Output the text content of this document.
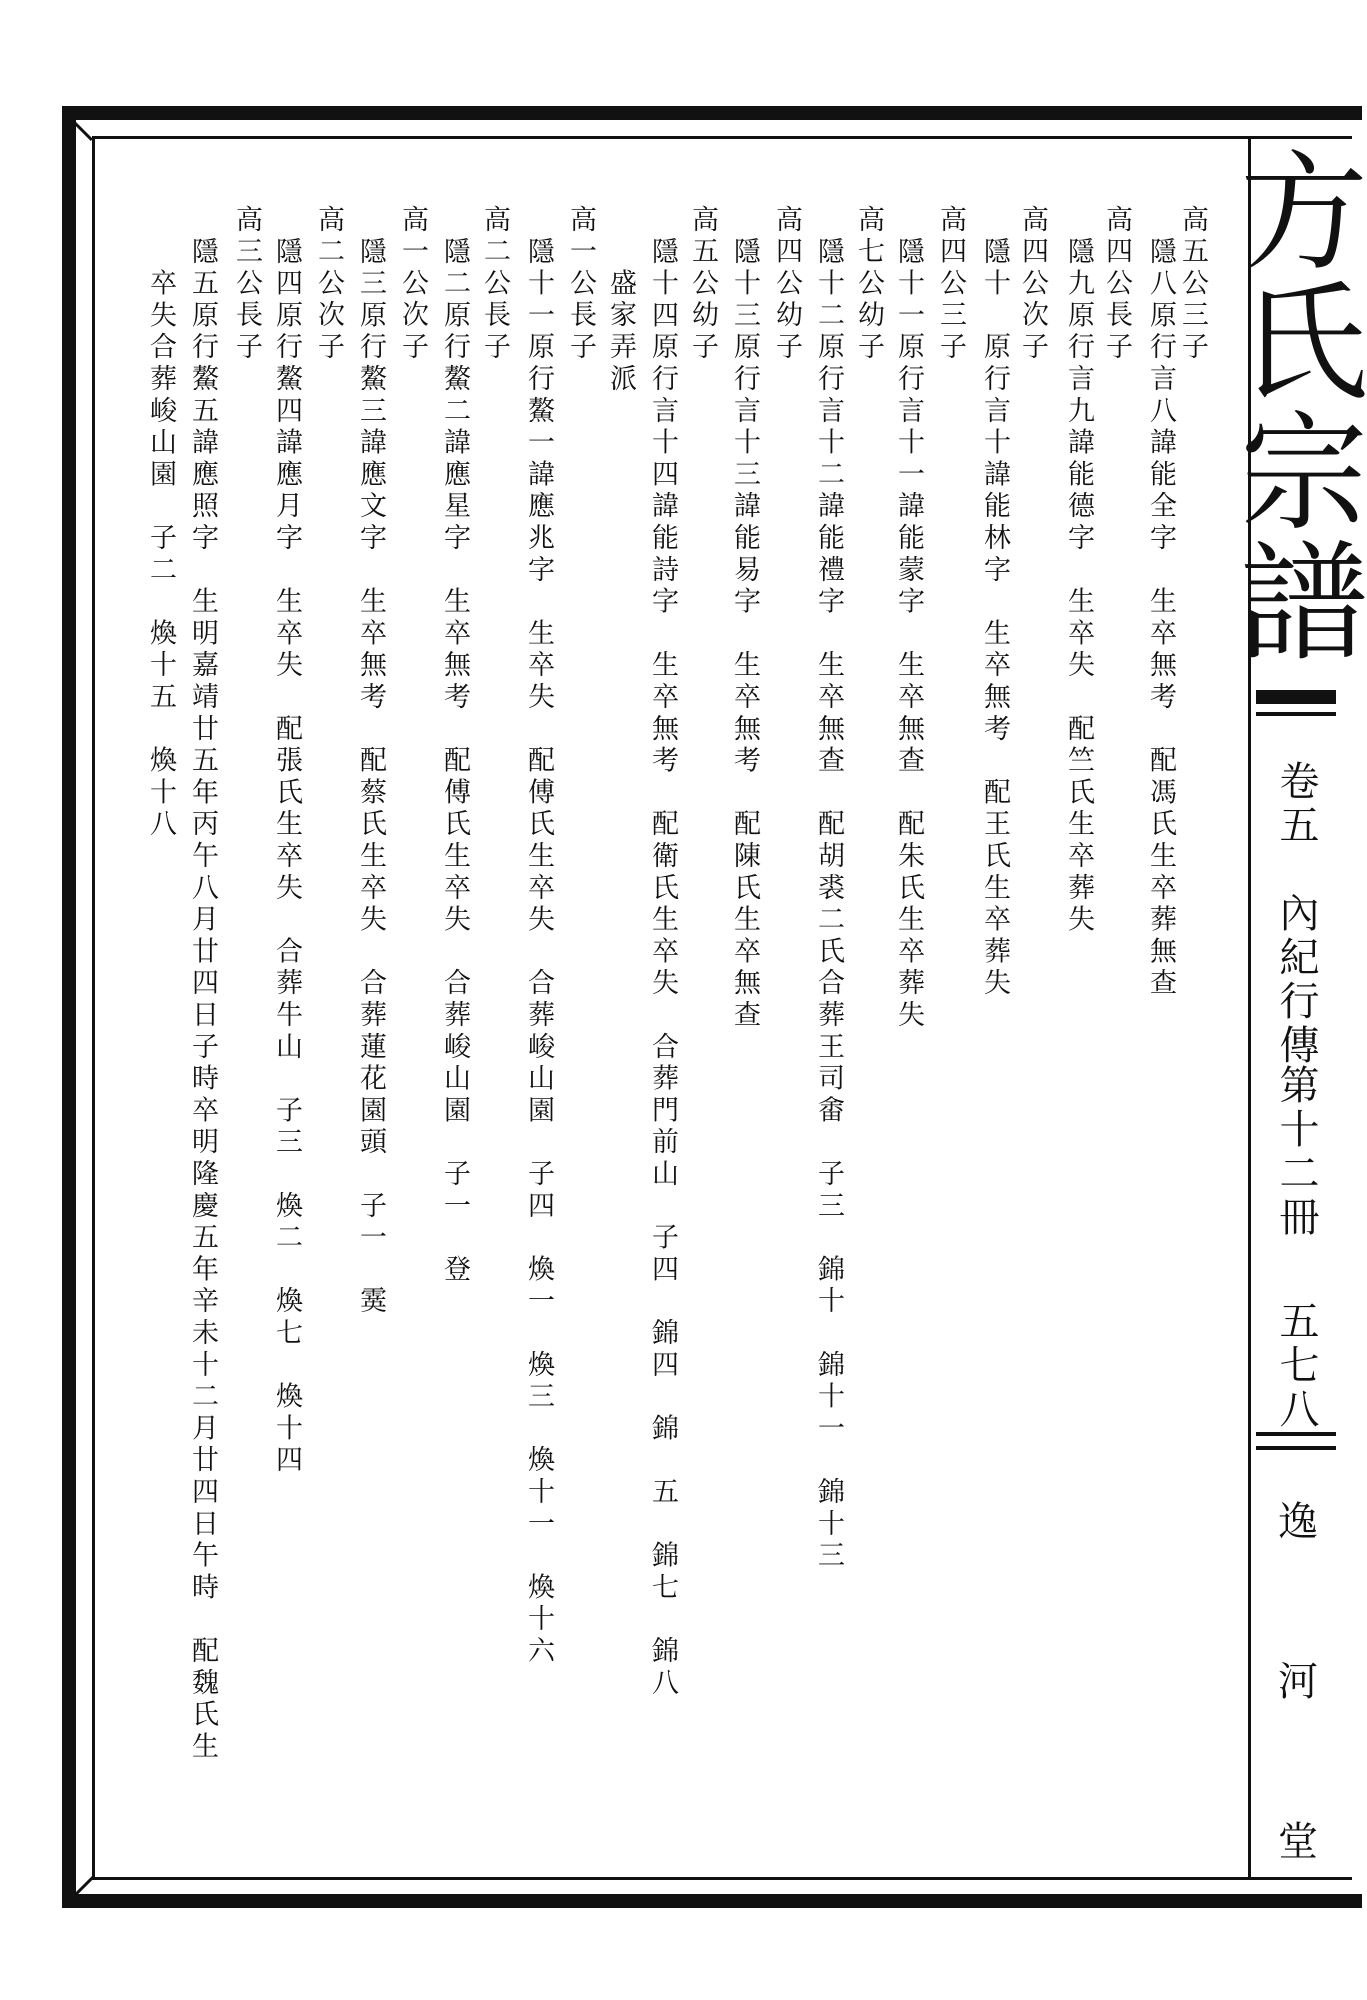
方氏宗譜
卷五
內紀行傳
第十二冊
五七八
逸
河
堂
高五公三子
隱八原行言八諱能全字　生卒無考　配馮氏生卒葬無查
高四公長子
隱九原行言九諱能德字　生卒失　配竺氏生卒葬失
高四公次子
隱十　原行言十諱能林字　生卒無考　配王氏生卒葬失
高四公三子
隱十一原行言十一諱能蒙字　生卒無查　配朱氏生卒葬失
高七公幼子
隱十二原行言十二諱能禮字　生卒無查　配胡裘二氏合葬王司畬　子三　錦十　錦十一　錦十三
高四公幼子
隱十三原行言十三諱能易字　生卒無考　配陳氏生卒無查
高五公幼子
隱十四原行言十四諱能詩字　生卒無考　配衛氏生卒失　合葬門前山　子四　錦四　錦　五　錦七　錦八
　　盛家弄派
高一公長子
隱十一原行鰲一諱應兆字　生卒失　配傅氏生卒失　合葬峻山園　子四　煥一　煥三　煥十一　煥十六
高二公長子
隱二原行鰲二諱應星字　生卒無考　配傅氏生卒失　合葬峻山園　子一　登
高一公次子
隱三原行鰲三諱應文字　生卒無考　配蔡氏生卒失　合葬蓮花園頭　子一　霙
高二公次子
隱四原行鰲四諱應月字　生卒失　配張氏生卒失　合葬牛山　子三　煥二　煥七　煥十四
高三公長子
隱五原行鰲五諱應照字　生明嘉靖廿五年丙午八月廿四日子時卒明隆慶五年辛未十二月廿四日午時　配魏氏生
　卒失合葬峻山園　子二　煥十五　煥十八
